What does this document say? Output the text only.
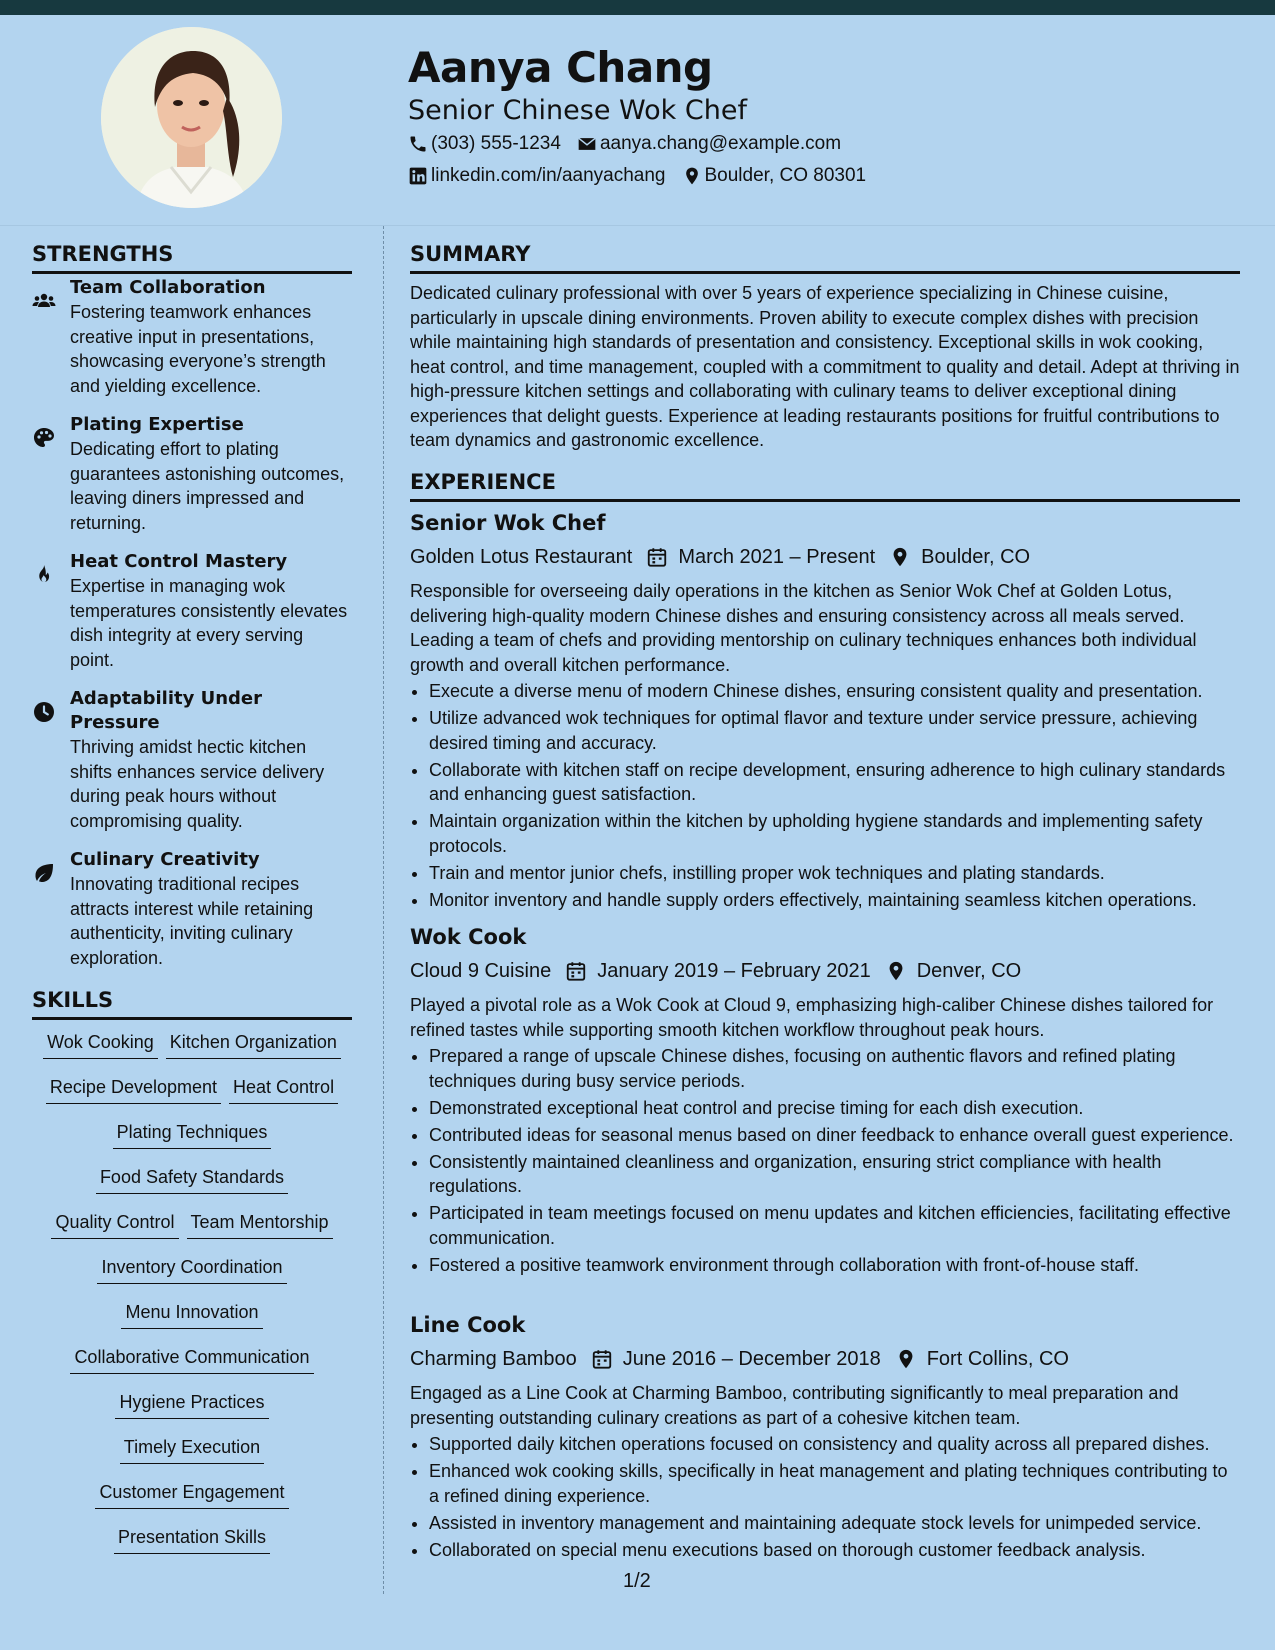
Aanya Chang
Senior Chinese Wok Chef
(303) 555-1234 aanya.chang@example.com
linkedin.com/in/aanyachang Boulder, CO 80301
STRENGTHS
Team Collaboration
Fostering teamwork enhances creative input in presentations, showcasing everyone’s strength and yielding excellence.
Plating Expertise
Dedicating effort to plating guarantees astonishing outcomes, leaving diners impressed and returning.
Heat Control Mastery
Expertise in managing wok temperatures consistently elevates dish integrity at every serving point.
Adaptability Under Pressure
Thriving amidst hectic kitchen shifts enhances service delivery during peak hours without compromising quality.
Culinary Creativity
Innovating traditional recipes attracts interest while retaining authenticity, inviting culinary exploration.
SKILLS
Wok Cooking Kitchen Organization
Recipe Development Heat Control
Plating Techniques
Food Safety Standards
Quality Control Team Mentorship
Inventory Coordination
Menu Innovation
Collaborative Communication
Hygiene Practices
Timely Execution
Customer Engagement
Presentation Skills
SUMMARY
Dedicated culinary professional with over 5 years of experience specializing in Chinese cuisine, particularly in upscale dining environments. Proven ability to execute complex dishes with precision while maintaining high standards of presentation and consistency. Exceptional skills in wok cooking, heat control, and time management, coupled with a commitment to quality and detail. Adept at thriving in high-pressure kitchen settings and collaborating with culinary teams to deliver exceptional dining experiences that delight guests. Experience at leading restaurants positions for fruitful contributions to team dynamics and gastronomic excellence.
EXPERIENCE
Senior Wok Chef
Golden Lotus Restaurant March 2021 – Present Boulder, CO
Responsible for overseeing daily operations in the kitchen as Senior Wok Chef at Golden Lotus, delivering high-quality modern Chinese dishes and ensuring consistency across all meals served. Leading a team of chefs and providing mentorship on culinary techniques enhances both individual growth and overall kitchen performance.
• Execute a diverse menu of modern Chinese dishes, ensuring consistent quality and presentation.
• Utilize advanced wok techniques for optimal flavor and texture under service pressure, achieving desired timing and accuracy.
• Collaborate with kitchen staff on recipe development, ensuring adherence to high culinary standards and enhancing guest satisfaction.
• Maintain organization within the kitchen by upholding hygiene standards and implementing safety protocols.
• Train and mentor junior chefs, instilling proper wok techniques and plating standards.
• Monitor inventory and handle supply orders effectively, maintaining seamless kitchen operations.
Wok Cook
Cloud 9 Cuisine January 2019 – February 2021 Denver, CO
Played a pivotal role as a Wok Cook at Cloud 9, emphasizing high-caliber Chinese dishes tailored for refined tastes while supporting smooth kitchen workflow throughout peak hours.
• Prepared a range of upscale Chinese dishes, focusing on authentic flavors and refined plating techniques during busy service periods.
• Demonstrated exceptional heat control and precise timing for each dish execution.
• Contributed ideas for seasonal menus based on diner feedback to enhance overall guest experience.
• Consistently maintained cleanliness and organization, ensuring strict compliance with health regulations.
• Participated in team meetings focused on menu updates and kitchen efficiencies, facilitating effective communication.
• Fostered a positive teamwork environment through collaboration with front-of-house staff.
Line Cook
Charming Bamboo June 2016 – December 2018 Fort Collins, CO
Engaged as a Line Cook at Charming Bamboo, contributing significantly to meal preparation and presenting outstanding culinary creations as part of a cohesive kitchen team.
• Supported daily kitchen operations focused on consistency and quality across all prepared dishes.
• Enhanced wok cooking skills, specifically in heat management and plating techniques contributing to a refined dining experience.
• Assisted in inventory management and maintaining adequate stock levels for unimpeded service.
• Collaborated on special menu executions based on thorough customer feedback analysis.
1/2
